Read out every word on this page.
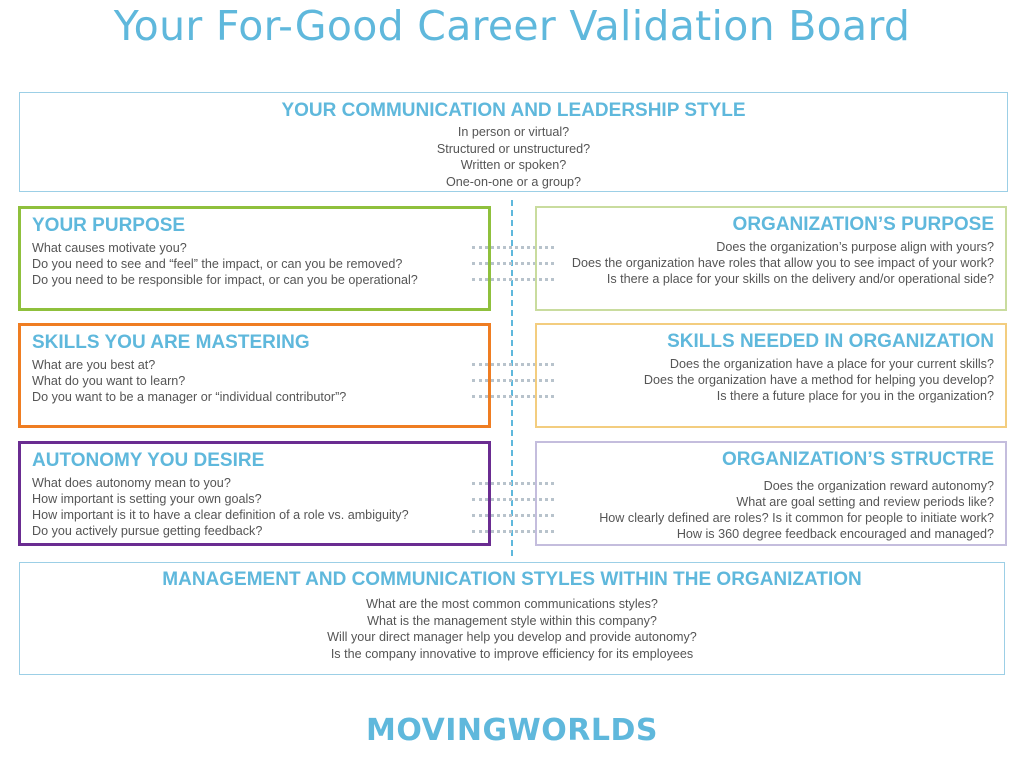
Your For-Good Career Validation Board
YOUR COMMUNICATION AND LEADERSHIP STYLE
In person or virtual?
Structured or unstructured?
Written or spoken?
One-on-one or a group?
YOUR PURPOSE
What causes motivate you?
Do you need to see and “feel” the impact, or can you be removed?
Do you need to be responsible for impact, or can you be operational?
SKILLS YOU ARE MASTERING
What are you best at?
What do you want to learn?
Do you want to be a manager or “individual contributor”?
AUTONOMY YOU DESIRE
What does autonomy mean to you?
How important is setting your own goals?
How important is it to have a clear definition of a role vs. ambiguity?
Do you actively pursue getting feedback?
ORGANIZATION’S PURPOSE
Does the organization’s purpose align with yours?
Does the organization have roles that allow you to see impact of your work?
Is there a place for your skills on the delivery and/or operational side?
SKILLS NEEDED IN ORGANIZATION
Does the organization have a place for your current skills?
Does the organization have a method for helping you develop?
Is there a future place for you in the organization?
ORGANIZATION’S STRUCTRE
Does the organization reward autonomy?
What are goal setting and review periods like?
How clearly defined are roles? Is it common for people to initiate work?
How is 360 degree feedback encouraged and managed?
MANAGEMENT AND COMMUNICATION STYLES WITHIN THE ORGANIZATION
What are the most common communications styles?
What is the management style within this company?
Will your direct manager help you develop and provide autonomy?
Is the company innovative to improve efficiency for its employees
MOVINGWORLDS
